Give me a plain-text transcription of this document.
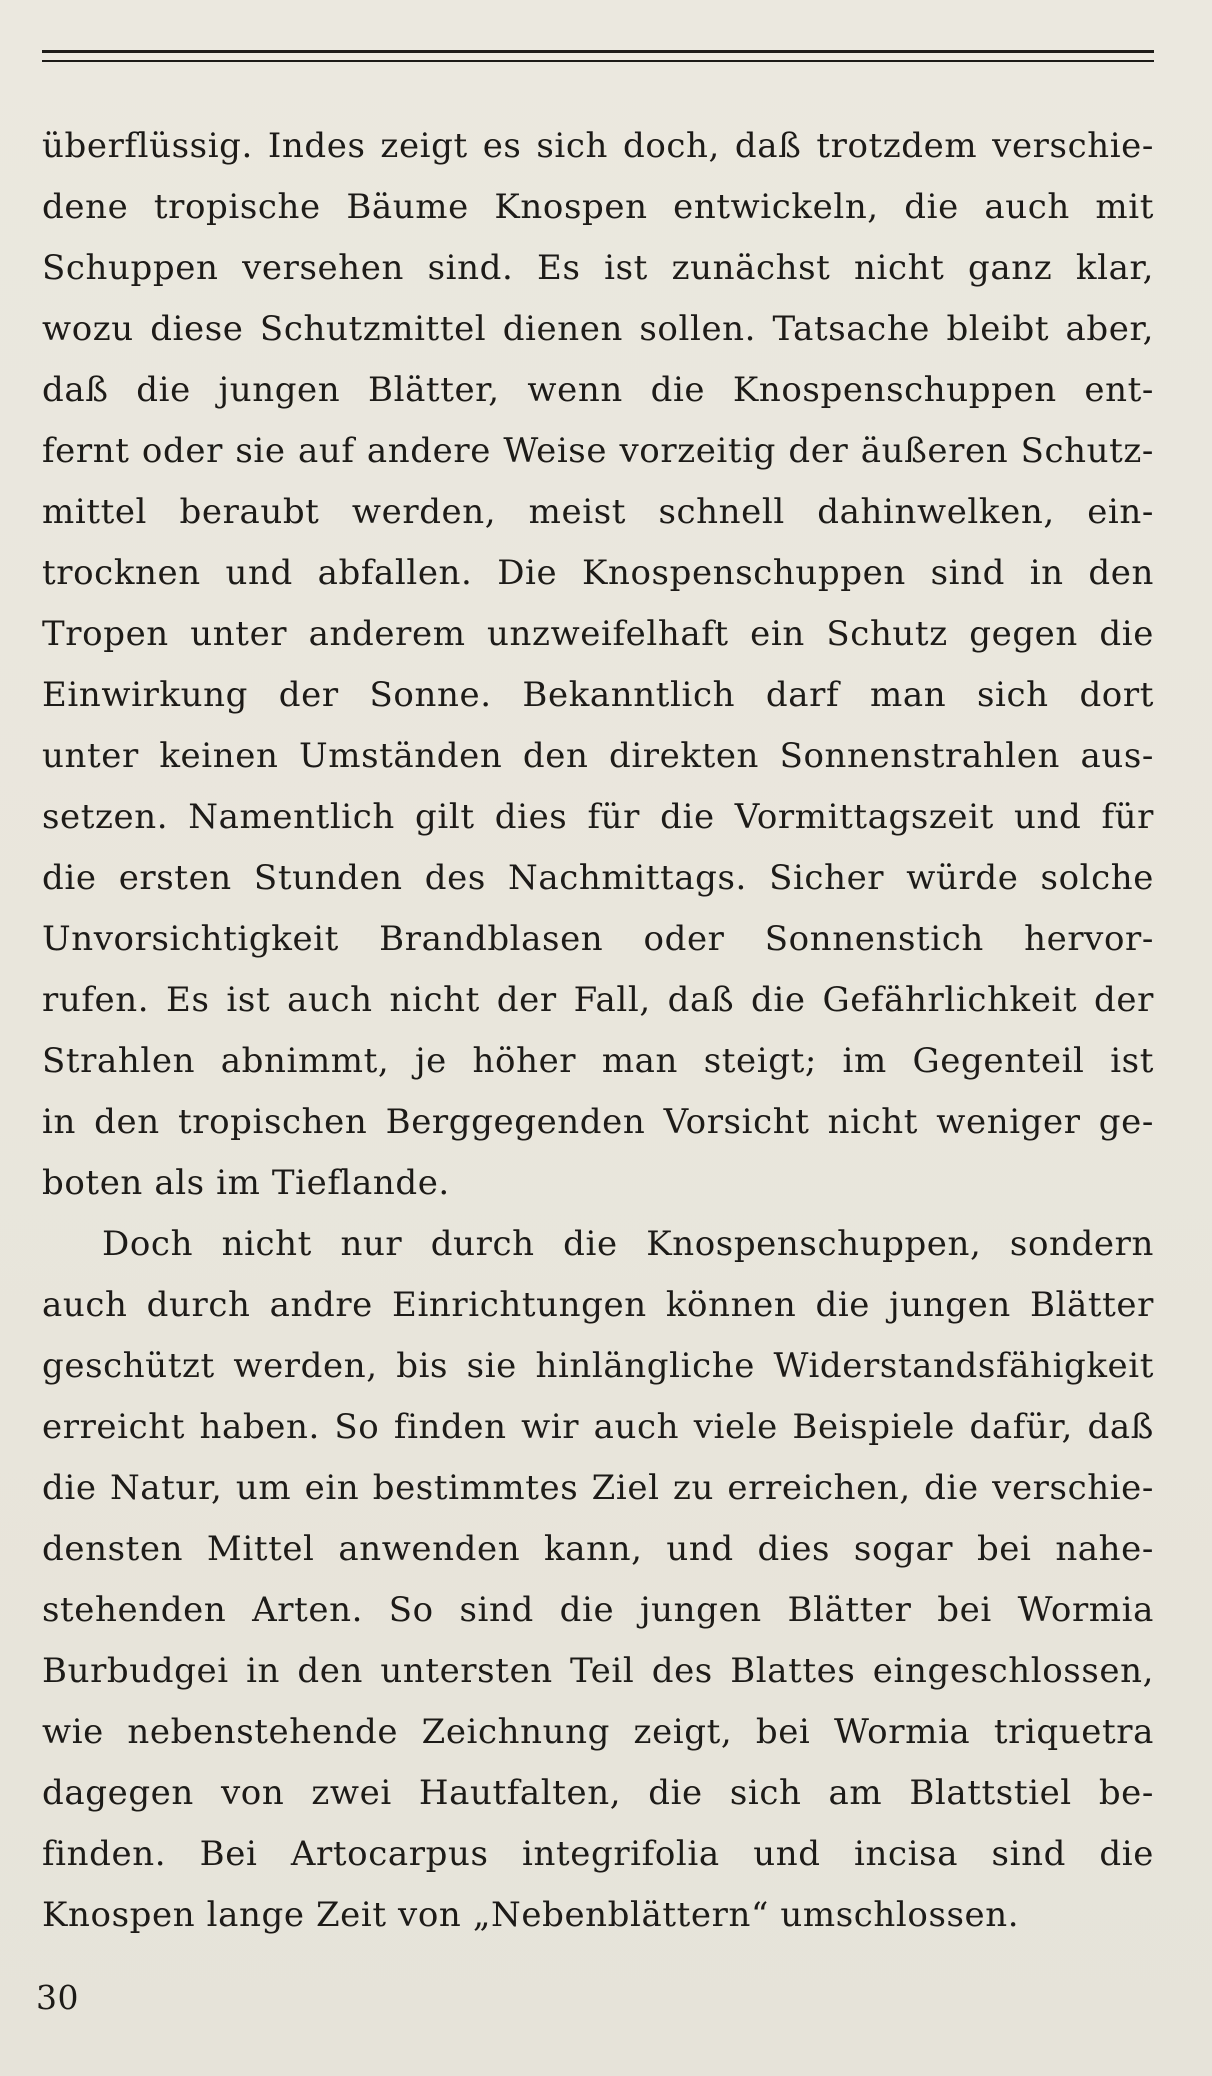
überflüssig. Indes zeigt es sich doch, daß trotzdem verschie-
dene tropische Bäume Knospen entwickeln, die auch mit
Schuppen versehen sind. Es ist zunächst nicht ganz klar,
wozu diese Schutzmittel dienen sollen. Tatsache bleibt aber,
daß die jungen Blätter, wenn die Knospenschuppen ent-
fernt oder sie auf andere Weise vorzeitig der äußeren Schutz-
mittel beraubt werden, meist schnell dahinwelken, ein-
trocknen und abfallen. Die Knospenschuppen sind in den
Tropen unter anderem unzweifelhaft ein Schutz gegen die
Einwirkung der Sonne. Bekanntlich darf man sich dort
unter keinen Umständen den direkten Sonnenstrahlen aus-
setzen. Namentlich gilt dies für die Vormittagszeit und für
die ersten Stunden des Nachmittags. Sicher würde solche
Unvorsichtigkeit Brandblasen oder Sonnenstich hervor-
rufen. Es ist auch nicht der Fall, daß die Gefährlichkeit der
Strahlen abnimmt, je höher man steigt; im Gegenteil ist
in den tropischen Berggegenden Vorsicht nicht weniger ge-
boten als im Tieflande.
Doch nicht nur durch die Knospenschuppen, sondern
auch durch andre Einrichtungen können die jungen Blätter
geschützt werden, bis sie hinlängliche Widerstandsfähigkeit
erreicht haben. So finden wir auch viele Beispiele dafür, daß
die Natur, um ein bestimmtes Ziel zu erreichen, die verschie-
densten Mittel anwenden kann, und dies sogar bei nahe-
stehenden Arten. So sind die jungen Blätter bei Wormia
Burbudgei in den untersten Teil des Blattes eingeschlossen,
wie nebenstehende Zeichnung zeigt, bei Wormia triquetra
dagegen von zwei Hautfalten, die sich am Blattstiel be-
finden. Bei Artocarpus integrifolia und incisa sind die
Knospen lange Zeit von „Nebenblättern“ umschlossen.
30
